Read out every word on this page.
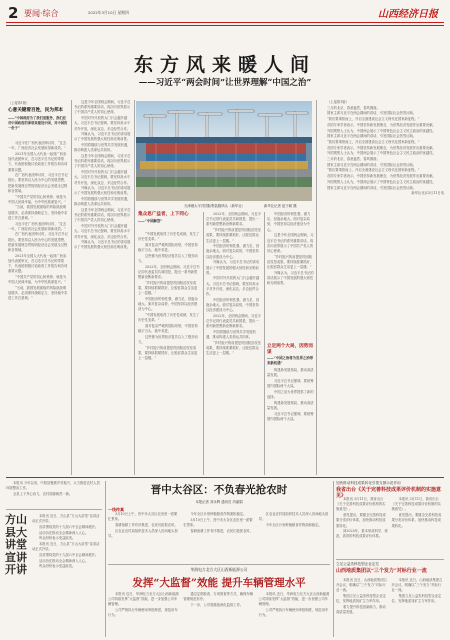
2 要闻·综合	2022年3月10日 星期四	山西经济日报
东方风来暖人间
——习近平“两会时间”让世界理解“中国之治”
（上接第1版）
心意关键看百姓，民为邦本
——“中国政府为了我们而服务，我们应对中国政府的承诺来建设中国，对中国的一份子”

习近平在广西代表团审议时，“过去一年，广西经济社会发展取得新成效。”

2021年全国人大代表一起到广西参加代表团审议，在习近平总书记的带领下，代表团积极讨论政府工作报告和各项重要议题。

在广西代表团审议时，习近平总书记指出，要坚持以人民为中心的发展思想，把新发展理念贯彻到经济社会发展全过程和各领域。

“中国共产党的初心和使命，就是为中国人民谋幸福，为中华民族谋复兴。”

“当前，我国发展面临的风险挑战明显增多，必须保持战略定力，坚持稳中求进工作总基调。”

习近平在广西代表团审议时，“过去一年，广西经济社会发展取得新成效。”

在广西代表团审议时，习近平总书记指出，要坚持以人民为中心的发展思想，把新发展理念贯彻到经济社会发展全过程和各领域。

2021年全国人大代表一起到广西参加代表团审议，在习近平总书记的带领下，代表团积极讨论政府工作报告和各项重要议题。

“中国共产党的初心和使命，就是为中国人民谋幸福，为中华民族谋复兴。”

“当前，我国发展面临的风险挑战明显增多，必须保持战略定力，坚持稳中求进工作总基调。”

这是今年全国两会期间，习近平总书记的系列重要讲话，再次向世界展示了中国共产党人的初心使命。

中国对外开放的大门只会越开越大。习近平总书记强调，要坚持高水平对外开放，深化双边、多边经贸合作。

外媒认为，习近平总书记的讲话展示了中国发展的强大韧性和光明前景。

中国将继续与世界共享发展机遇，推动构建人类命运共同体。

这是今年全国两会期间，习近平总书记的系列重要讲话，再次向世界展示了中国共产党人的初心使命。

中国对外开放的大门只会越开越大。习近平总书记强调，要坚持高水平对外开放，深化双边、多边经贸合作。

外媒认为，习近平总书记的讲话展示了中国发展的强大韧性和光明前景。

中国将继续与世界共享发展机遇，推动构建人类命运共同体。

这是今年全国两会期间，习近平总书记的系列重要讲话，再次向世界展示了中国共产党人的初心使命。

中国对外开放的大门只会越开越大。习近平总书记强调，要坚持高水平对外开放，深化双边、多边经贸合作。

外媒认为，习近平总书记的讲话展示了中国发展的强大韧性和光明前景。

天津港太平洋国际集装箱码头（新华社）	新华社记者 赵子硕 摄
集众思广益者，上下同心
——“中国解答”

“中国发展取得了历史性成就、发生了历史性变革。”

面对复杂严峻的国际形势，中国坚持稳字当头、稳中求进。

这些都为世界经济复苏注入了强劲动力。

2022年，全国两会期间，习近平总书记同代表委员共商国是，提出一系列新思想新论断新要求。

“乡村振兴的前提是巩固脱贫攻坚成果，要持续抓紧抓好，让脱贫群众生活更上一层楼。”

中国经济的韧性强、潜力足、回旋余地大。面对复杂局势，中国坚持以经济建设为中心。

“中国发展取得了历史性成就、发生了历史性变革。”

面对复杂严峻的国际形势，中国坚持稳字当头、稳中求进。

这些都为世界经济复苏注入了强劲动力。

“乡村振兴的前提是巩固脱贫攻坚成果，要持续抓紧抓好，让脱贫群众生活更上一层楼。”

2022年，全国两会期间，习近平总书记同代表委员共商国是，提出一系列新思想新论断新要求。

“乡村振兴的前提是巩固脱贫攻坚成果，要持续抓紧抓好，让脱贫群众生活更上一层楼。”

中国经济的韧性强、潜力足、回旋余地大。面对复杂局势，中国坚持以经济建设为中心。

外媒认为，习近平总书记的讲话展示了中国发展的强大韧性和光明前景。

中国对外开放的大门只会越开越大。习近平总书记强调，要坚持高水平对外开放，深化双边、多边经贸合作。

中国经济的韧性强、潜力足、回旋余地大。面对复杂局势，中国坚持以经济建设为中心。

2022年，全国两会期间，习近平总书记同代表委员共商国是，提出一系列新思想新论断新要求。

中国将继续与世界共享发展机遇，推动构建人类命运共同体。

“乡村振兴的前提是巩固脱贫攻坚成果，要持续抓紧抓好，让脱贫群众生活更上一层楼。”

中国经济的韧性强、潜力足、回旋余地大。面对复杂局势，中国坚持以经济建设为中心。

这是今年全国两会期间，习近平总书记的系列重要讲话，再次向世界展示了中国共产党人的初心使命。

“乡村振兴的前提是巩固脱贫攻坚成果，要持续抓紧抓好，让脱贫群众生活更上一层楼。”

外媒认为，习近平总书记的讲话展示了中国发展的强大韧性和光明前景。

立足两个大局，因势而谋
——“中国之治将为世界之治带来新机遇”

构建新发展格局，推动高质量发展。

习近平总书记强调，要统筹国内国际两个大局。

中国之治为世界提供了新的选择。

构建新发展格局，推动高质量发展。

习近平总书记强调，要统筹国内国际两个大局。

（上接第1版）

三月的北京，春意盎然，春风拂面。

国家主席习近平在两会期间的讲话，引发国际社会热烈反响。

“我们要乘势而上，开启全面建设社会主义现代化国家新征程。”

各国专家学者表示，中国坚持新发展理念，为世界经济发展作出重要贡献。

外国观察人士认为，中国两会展示了中国特色社会主义民主政治的优越性。

国家主席习近平在两会期间的讲话，引发国际社会热烈反响。

“我们要乘势而上，开启全面建设社会主义现代化国家新征程。”

各国专家学者表示，中国坚持新发展理念，为世界经济发展作出重要贡献。

外国观察人士认为，中国两会展示了中国特色社会主义民主政治的优越性。

三月的北京，春意盎然，春风拂面。

国家主席习近平在两会期间的讲话，引发国际社会热烈反响。

“我们要乘势而上，开启全面建设社会主义现代化国家新征程。”

各国专家学者表示，中国坚持新发展理念，为世界经济发展作出重要贡献。

外国观察人士认为，中国两会展示了中国特色社会主义民主政治的优越性。

国家主席习近平在两会期间的讲话，引发国际社会热烈反响。

新华社北京3月11日电

本报讯 今年以来，中阳县聚焦乡村振兴，大力推进农村人居环境整治工作。

全县上下齐心协力，农村面貌焕然一新。

方山县大讲堂宣讲开讲

本报讯 近日，方山县“方山大讲堂”宣讲活动正式开讲。

宣讲围绕党的十九届六中全会精神展开。

活动旨在推动全会精神深入人心。

听众纷纷表示受益匪浅。

本报讯 近日，方山县“方山大讲堂”宣讲活动正式开讲。

宣讲围绕党的十九届六中全会精神展开。

活动旨在推动全会精神深入人心。

听众纷纷表示受益匪浅。

晋中太谷区：不负春光抢农时
本报记者 刘永辉 通讯员 冯丽娟
一线传真

3月10日上午，晋中市太谷区农田里一派繁忙景象。

春耕备耕工作有序推进，农民们抢抓农时。

区农业农村局组织技术人员深入田间地头指导。

今年全区计划种植粮食作物面积稳定。

3月10日上午，晋中市太谷区农田里一派繁忙景象。

春耕备耕工作有序推进，农民们抢抓农时。

区农业农村局组织技术人员深入田间地头指导。

今年全区计划种植粮食作物面积稳定。

华润电力北方大区山西新能源公司
发挥“大监督”效能 提升车辆管理水平

本报讯 近日，华润电力北方大区山西新能源公司持续发挥“大监督”效能，进一步加强公司车辆管理。

公司严格执行车辆使用审批制度，规范用车行为。

通过定期检查、专项督查等方式，确保车辆管理规范有序。

下一步，公司将继续深化监督工作。

本报讯 近日，华润电力北方大区山西新能源公司持续发挥“大监督”效能，进一步加强公司车辆管理。

公司严格执行车辆使用审批制度，规范用车行为。

加快推动科技成果转化引领支撑示范作用
我省出台《关于完善科技成果评价机制的实施意见》

本报讯 3月11日，我省出台《关于完善科技成果评价机制的实施意见》。

意见提出，要健全完善科技成果分类评价体系，加快推动科技成果转化。

到2025年，基本形成科学、规范、高效的科技成果评价体系。

本报讯 3月11日，我省出台《关于完善科技成果评价机制的实施意见》。

意见提出，要健全完善科技成果分类评价体系，加快推动科技成果转化。

立足公益类科技型企业定位
山西地质集团以“三个发力”对标行业一流

本报讯 近日，山西地质集团召开会议，明确以“三个发力”对标行业一流。

集团立足公益类科技型企业定位，发挥地质找矿主力军作用。

着力提升科技创新能力，推动高质量发展。

本报讯 近日，山西地质集团召开会议，明确以“三个发力”对标行业一流。

集团立足公益类科技型企业定位，发挥地质找矿主力军作用。
